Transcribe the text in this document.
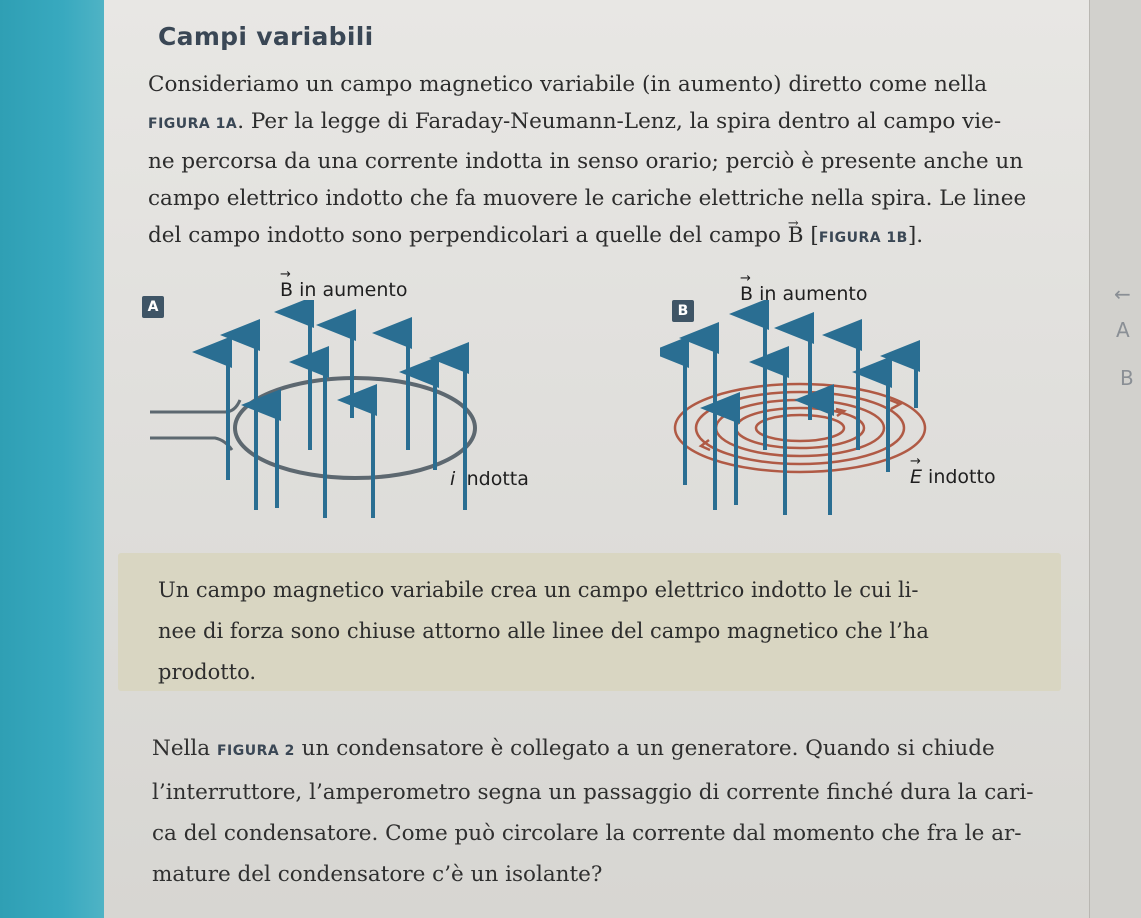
←
A
B
Campi variabili
Consideriamo un campo magnetico variabile (in aumento) diretto come nella
FIGURA 1A. Per la legge di Faraday-Neumann-Lenz, la spira dentro al campo vie-
ne percorsa da una corrente indotta in senso orario; perciò è presente anche un
campo elettrico indotto che fa muovere le cariche elettriche nella spira. Le linee
del campo indotto sono perpendicolari a quelle del campo → B [FIGURA 1B].
A
→ B in aumento
i indotta
B
→ B in aumento
→ E indotto
Un campo magnetico variabile crea un campo elettrico indotto le cui li-
nee di forza sono chiuse attorno alle linee del campo magnetico che l’ha
prodotto.
Nella FIGURA 2 un condensatore è collegato a un generatore. Quando si chiude
l’interruttore, l’amperometro segna un passaggio di corrente finché dura la cari-
ca del condensatore. Come può circolare la corrente dal momento che fra le ar-
mature del condensatore c’è un isolante?
